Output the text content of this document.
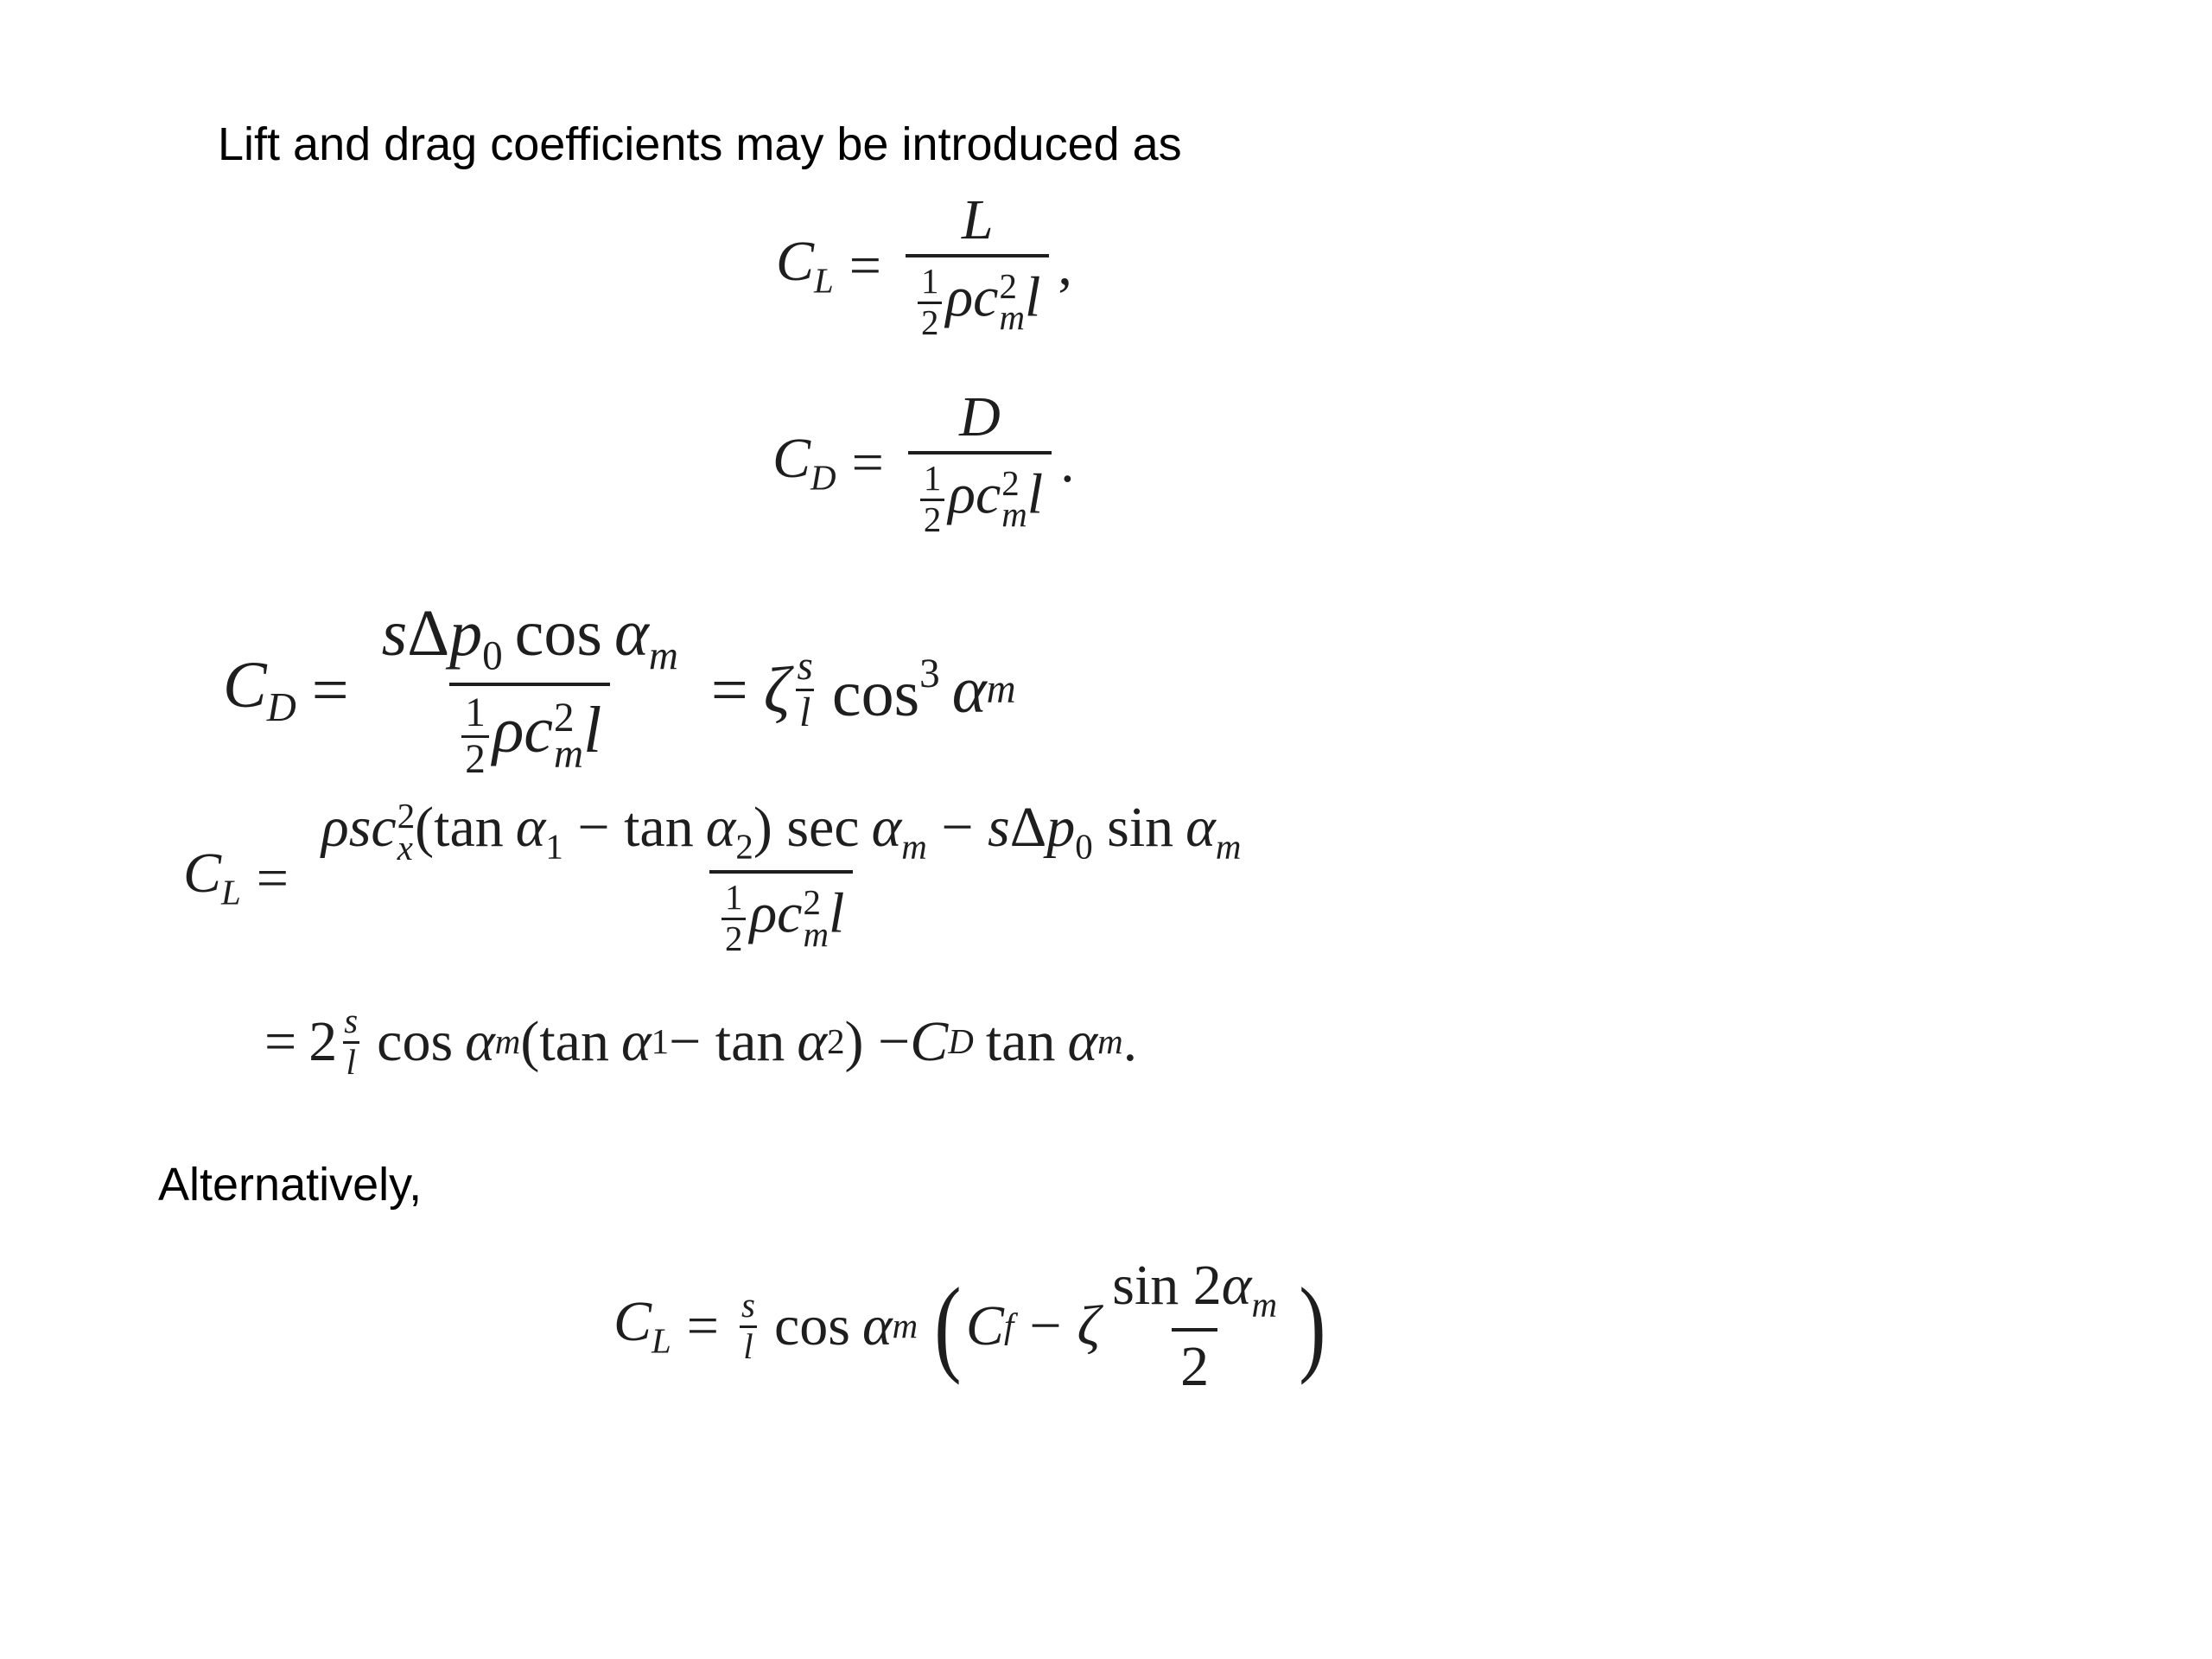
Lift and drag coefficients may be introduced as
$C_L = L$
$\frac{1}{2}$ ρc 2
m l ,
$C_D = D$
$\frac{1}{2}$ ρc 2
m l .
$C_D = s\Delta p_0$ $\cos \alpha_m$
$\frac{1}{2}$ ρc 2
m l = ζ $\frac{s}{l} \cos^3 \alpha$ m
$C_L = \rho sc$ 2
x (tan $\alpha_1 - \tan \alpha_2$) $\sec \alpha_m - s\Delta p_0$ $\sin \alpha_m$
$\frac{1}{2}$ ρc 2
m l
= $2 \frac{s}{l}$ cos α m (tan α 1 − tan α 2 ) − C D tan α m .
Alternatively,
$C_L = \frac{s}{l}$ cos α m ( C f − ζ $\frac{\sin 2\alpha_m}{2}$ )
